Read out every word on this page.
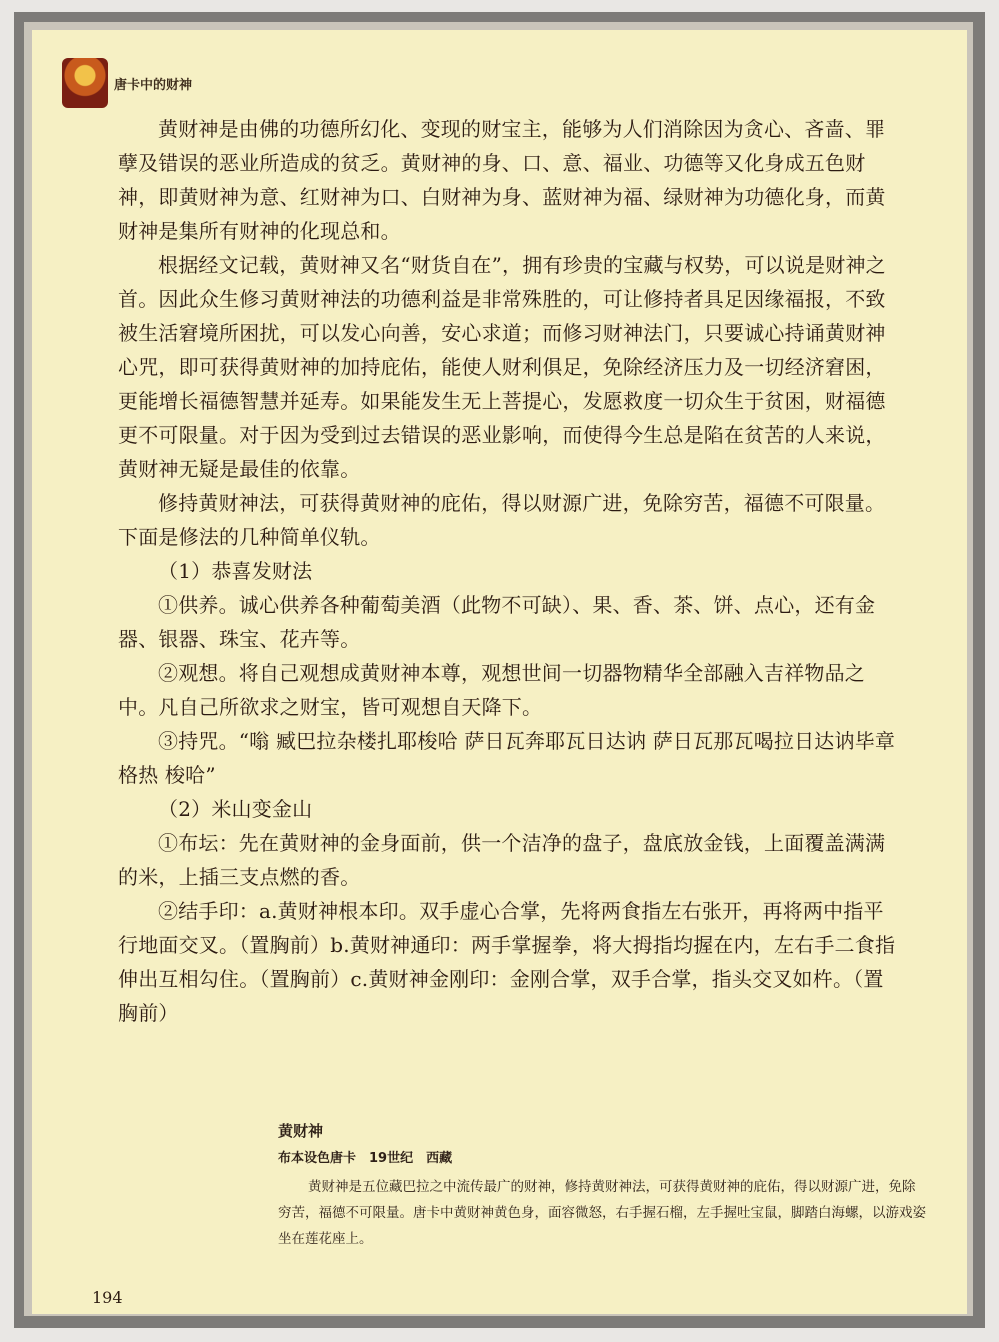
唐卡中的财神

黄财神是由佛的功德所幻化、变现的财宝主，能够为人们消除因为贪心、吝啬、罪孽及错误的恶业所造成的贫乏。黄财神的身、口、意、福业、功德等又化身成五色财神，即黄财神为意、红财神为口、白财神为身、蓝财神为福、绿财神为功德化身，而黄财神是集所有财神的化现总和。

根据经文记载，黄财神又名“财货自在”，拥有珍贵的宝藏与权势，可以说是财神之首。因此众生修习黄财神法的功德利益是非常殊胜的，可让修持者具足因缘福报，不致被生活窘境所困扰，可以发心向善，安心求道；而修习财神法门，只要诚心持诵黄财神心咒，即可获得黄财神的加持庇佑，能使人财利俱足，免除经济压力及一切经济窘困，更能增长福德智慧并延寿。如果能发生无上菩提心，发愿救度一切众生于贫困，财福德更不可限量。对于因为受到过去错误的恶业影响，而使得今生总是陷在贫苦的人来说，黄财神无疑是最佳的依靠。

修持黄财神法，可获得黄财神的庇佑，得以财源广进，免除穷苦，福德不可限量。下面是修法的几种简单仪轨。

（1）恭喜发财法

①供养。诚心供养各种葡萄美酒（此物不可缺）、果、香、茶、饼、点心，还有金器、银器、珠宝、花卉等。

②观想。将自己观想成黄财神本尊，观想世间一切器物精华全部融入吉祥物品之中。凡自己所欲求之财宝，皆可观想自天降下。

③持咒。“嗡 臧巴拉杂楼扎耶梭哈 萨日瓦奔耶瓦日达讷 萨日瓦那瓦喝拉日达讷毕章格热 梭哈”

（2）米山变金山

①布坛：先在黄财神的金身面前，供一个洁净的盘子，盘底放金钱，上面覆盖满满的米，上插三支点燃的香。

②结手印：a.黄财神根本印。双手虚心合掌，先将两食指左右张开，再将两中指平行地面交叉。（置胸前）b.黄财神通印：两手掌握拳，将大拇指均握在内，左右手二食指伸出互相勾住。（置胸前）c.黄财神金刚印：金刚合掌，双手合掌，指头交叉如杵。（置胸前）

黄财神

布本设色唐卡　19世纪　西藏

黄财神是五位藏巴拉之中流传最广的财神，修持黄财神法，可获得黄财神的庇佑，得以财源广进，免除穷苦，福德不可限量。唐卡中黄财神黄色身，面容微怒，右手握石榴，左手握吐宝鼠，脚踏白海螺，以游戏姿坐在莲花座上。

194
